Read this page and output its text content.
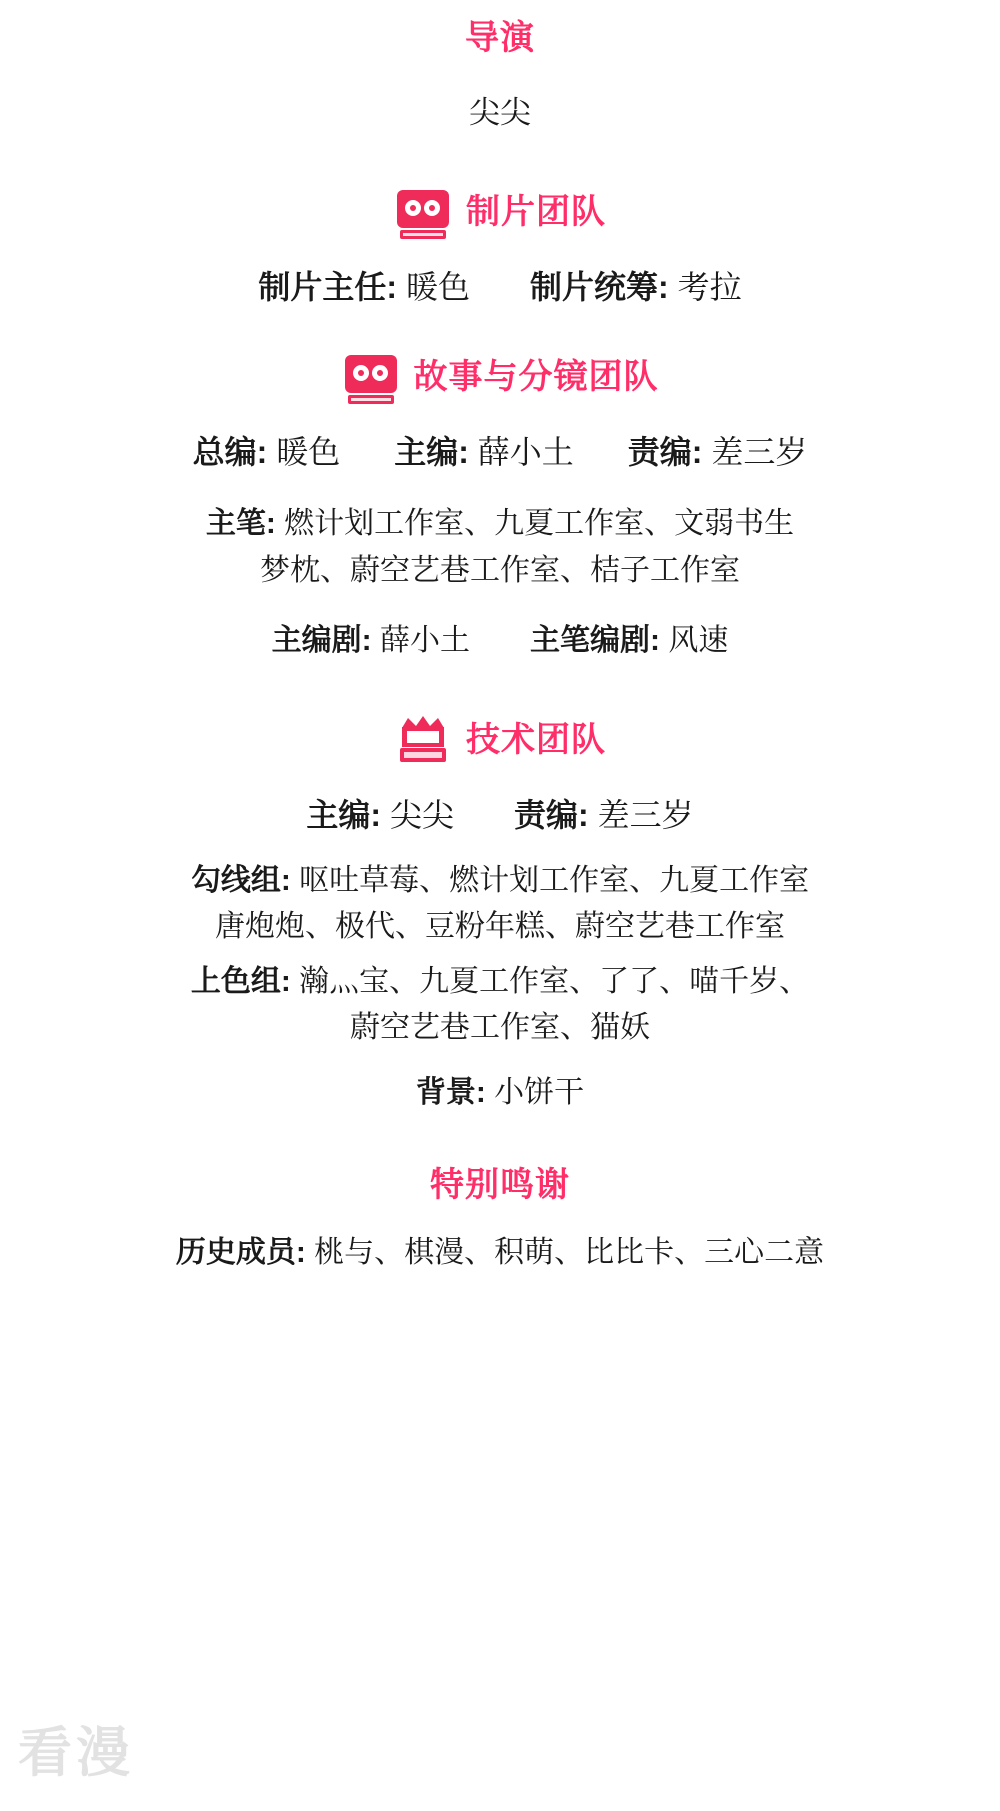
导演
尖尖
制片团队
制片主任: 暖色 制片统筹: 考拉
故事与分镜团队
总编: 暖色 主编: 薛小土 责编: 差三岁
主笔: 燃计划工作室、九夏工作室、文弱书生
梦枕、蔚空艺巷工作室、桔子工作室
主编剧: 薛小土 主笔编剧: 风速
技术团队
主编: 尖尖 责编: 差三岁
勾线组: 呕吐草莓、燃计划工作室、九夏工作室
唐炮炮、极代、豆粉年糕、蔚空艺巷工作室
上色组: 瀚灬宝、九夏工作室、了了、喵千岁、
蔚空艺巷工作室、猫妖
背景: 小饼干
特别鸣谢
历史成员: 桃与、棋漫、积萌、比比卡、三心二意
看漫
